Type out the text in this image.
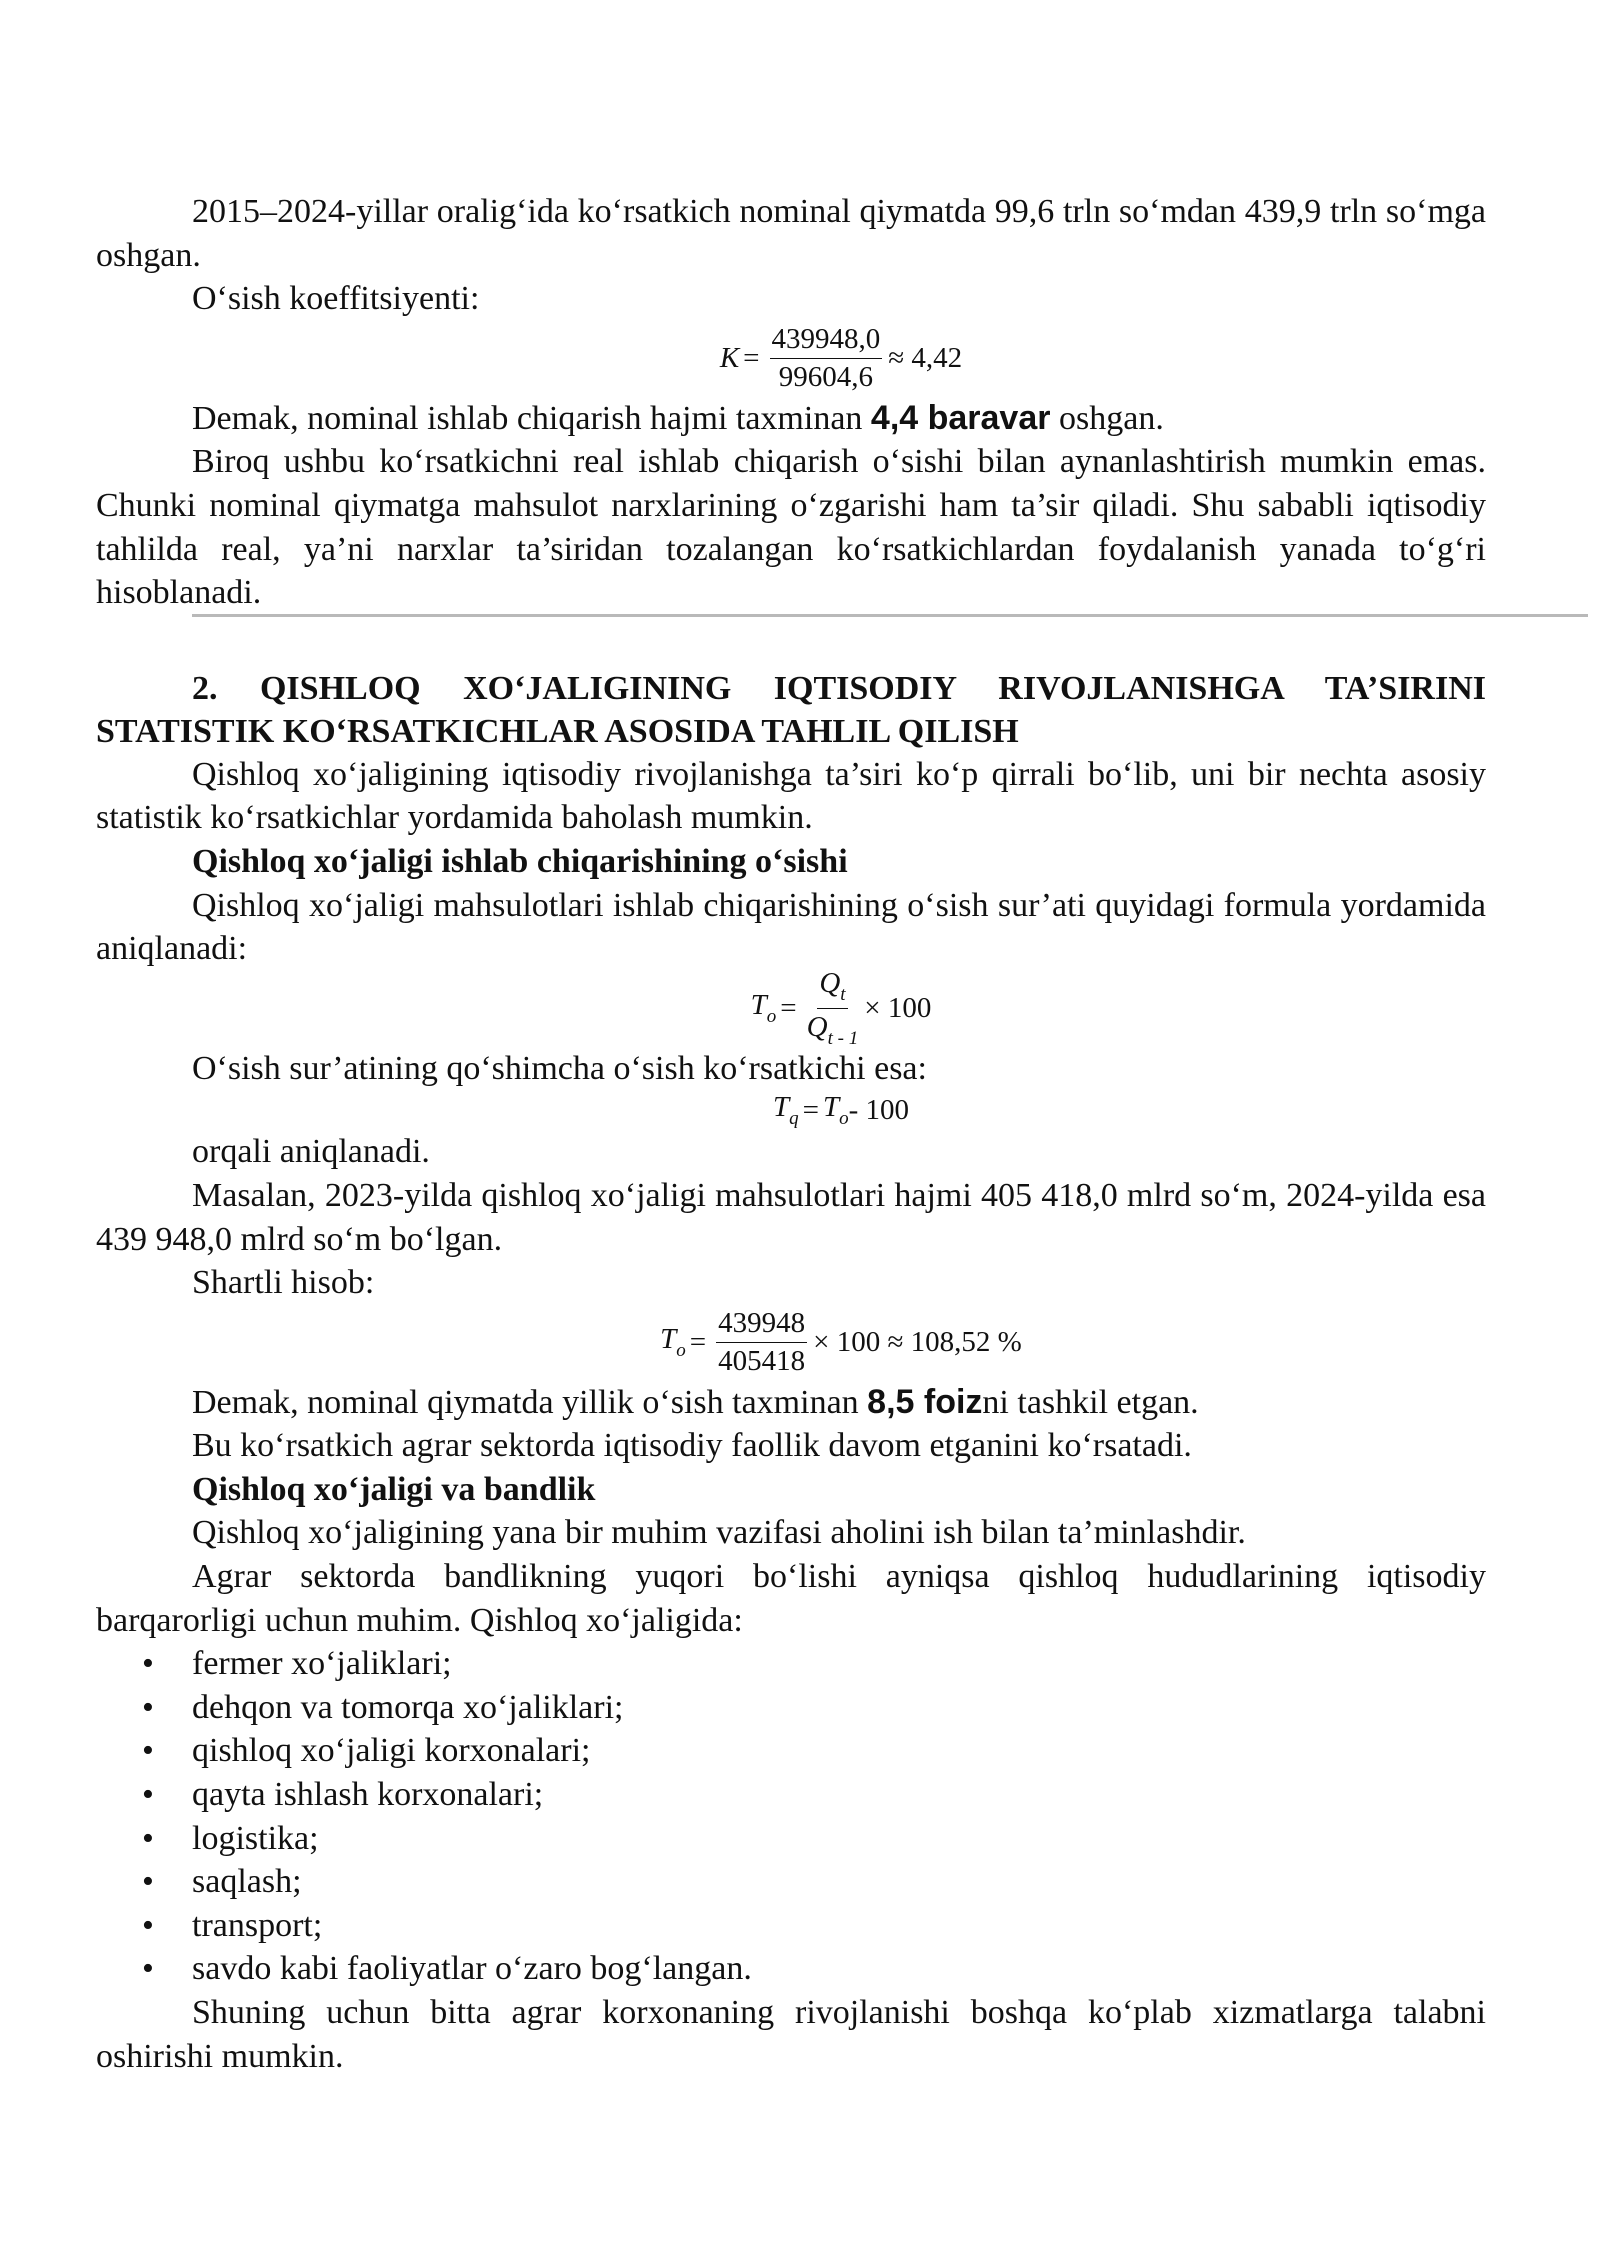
2015–2024-yillar oralig‘ida ko‘rsatkich nominal qiymatda 99,6 trln so‘mdan 439,9 trln so‘mga oshgan.

O‘sish koeffitsiyenti:

$K = \frac{439948,0}{99604,6} \approx 4,42$

Demak, nominal ishlab chiqarish hajmi taxminan 4,4 baravar oshgan.

Biroq ushbu ko‘rsatkichni real ishlab chiqarish o‘sishi bilan aynanlashtirish mumkin emas. Chunki nominal qiymatga mahsulot narxlarining o‘zgarishi ham ta’sir qiladi. Shu sababli iqtisodiy tahlilda real, ya’ni narxlar ta’siridan tozalangan ko‘rsatkichlardan foydalanish yanada to‘g‘ri hisoblanadi.

2. QISHLOQ XO‘JALIGINING IQTISODIY RIVOJLANISHGA TA’SIRINI STATISTIK KO‘RSATKICHLAR ASOSIDA TAHLIL QILISH

Qishloq xo‘jaligining iqtisodiy rivojlanishga ta’siri ko‘p qirrali bo‘lib, uni bir nechta asosiy statistik ko‘rsatkichlar yordamida baholash mumkin.

Qishloq xo‘jaligi ishlab chiqarishining o‘sishi

Qishloq xo‘jaligi mahsulotlari ishlab chiqarishining o‘sish sur’ati quyidagi formula yordamida aniqlanadi:

$T_o = \frac{Q_t}{Q_{t - 1}} \times 100$

O‘sish sur’atining qo‘shimcha o‘sish ko‘rsatkichi esa:

$T_q = T_o - 100$

orqali aniqlanadi.

Masalan, 2023-yilda qishloq xo‘jaligi mahsulotlari hajmi 405 418,0 mlrd so‘m, 2024-yilda esa 439 948,0 mlrd so‘m bo‘lgan.

Shartli hisob:

$T_o = \frac{439948}{405418} \times 100 \approx 108,52$ %

Demak, nominal qiymatda yillik o‘sish taxminan 8,5 foizni tashkil etgan.

Bu ko‘rsatkich agrar sektorda iqtisodiy faollik davom etganini ko‘rsatadi.

Qishloq xo‘jaligi va bandlik

Qishloq xo‘jaligining yana bir muhim vazifasi aholini ish bilan ta’minlashdir.

Agrar sektorda bandlikning yuqori bo‘lishi ayniqsa qishloq hududlarining iqtisodiy barqarorligi uchun muhim. Qishloq xo‘jaligida:

• fermer xo‘jaliklari;
• dehqon va tomorqa xo‘jaliklari;
• qishloq xo‘jaligi korxonalari;
• qayta ishlash korxonalari;
• logistika;
• saqlash;
• transport;
• savdo kabi faoliyatlar o‘zaro bog‘langan.

Shuning uchun bitta agrar korxonaning rivojlanishi boshqa ko‘plab xizmatlarga talabni oshirishi mumkin.
